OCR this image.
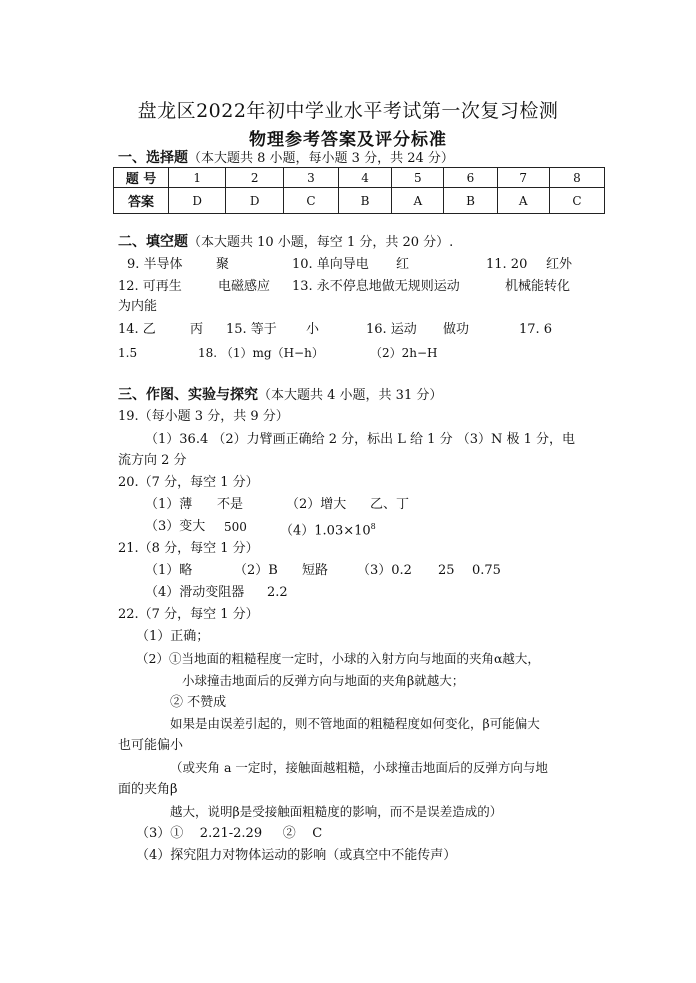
盘龙区2022年初中学业水平考试第一次复习检测
物理参考答案及评分标准
一、选择题（本大题共 8 小题，每小题 3 分，共 24 分）
题 号	1	2	3	4	5	6	7	8
答案	D	D	C	B	A	B	A	C
二、填空题（本大题共 10 小题，每空 1 分，共 20 分）.
9. 半导体	聚	10. 单向导电 红	11. 20 红外
12. 可再生	电磁感应 13. 永不停息地做无规则运动	机械能转化
为内能
14. 乙	丙 15. 等于 小	16. 运动 做功	17. 6
1.5	18. （1）mg（H−h）	（2）2h−H
三、作图、实验与探究（本大题共 4 小题，共 31 分）
19.（每小题 3 分，共 9 分）
（1）36.4 （2）力臂画正确给 2 分，标出 L 给 1 分 （3）N 极 1 分，电
流方向 2 分
20.（7 分，每空 1 分）
（1）薄 不是	（2）增大 乙、丁
（3）变大 500	$(4)1.03\times 10^8$
21.（8 分，每空 1 分）
（1）略	（2）B 短路 （3）0.2 25 0.75
（4）滑动变阻器 2.2
22.（7 分，每空 1 分）
（1）正确；
（2）①当地面的粗糙程度一定时，小球的入射方向与地面的夹角α越大，
小球撞击地面后的反弹方向与地面的夹角β就越大；
② 不赞成
如果是由误差引起的，则不管地面的粗糙程度如何变化，β可能偏大
也可能偏小
（或夹角 a 一定时，接触面越粗糙，小球撞击地面后的反弹方向与地
面的夹角β
越大，说明β是受接触面粗糙度的影响，而不是误差造成的）
（3）①    2.21-2.29     ②    C
（4）探究阻力对物体运动的影响（或真空中不能传声）
